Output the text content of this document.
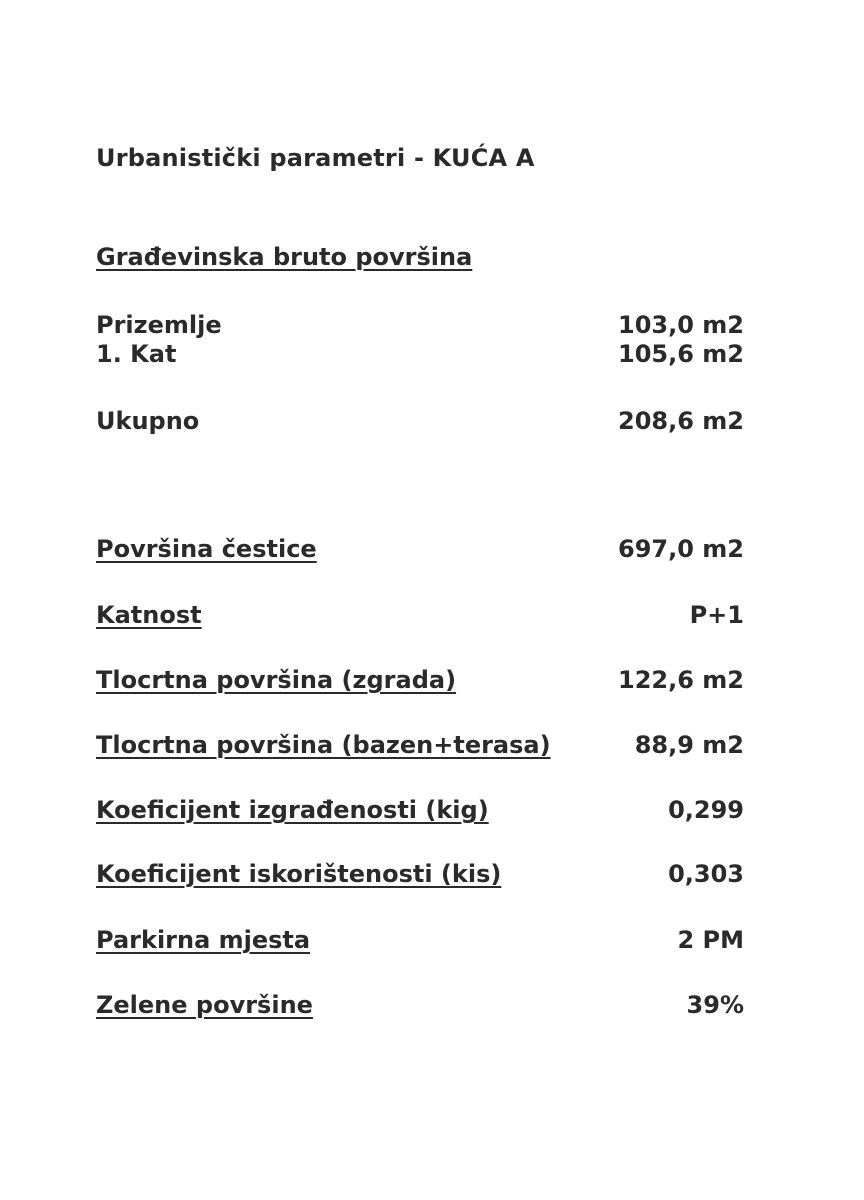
Urbanistički parametri - KUĆA A
Građevinska bruto površina
Prizemlje	103,0 m2
1. Kat	105,6 m2
Ukupno	208,6 m2
Površina čestice	697,0 m2
Katnost	P+1
Tlocrtna površina (zgrada)	122,6 m2
Tlocrtna površina (bazen+terasa)	88,9 m2
Koeficijent izgrađenosti (kig)	0,299
Koeficijent iskorištenosti (kis)	0,303
Parkirna mjesta	2 PM
Zelene površine	39%
